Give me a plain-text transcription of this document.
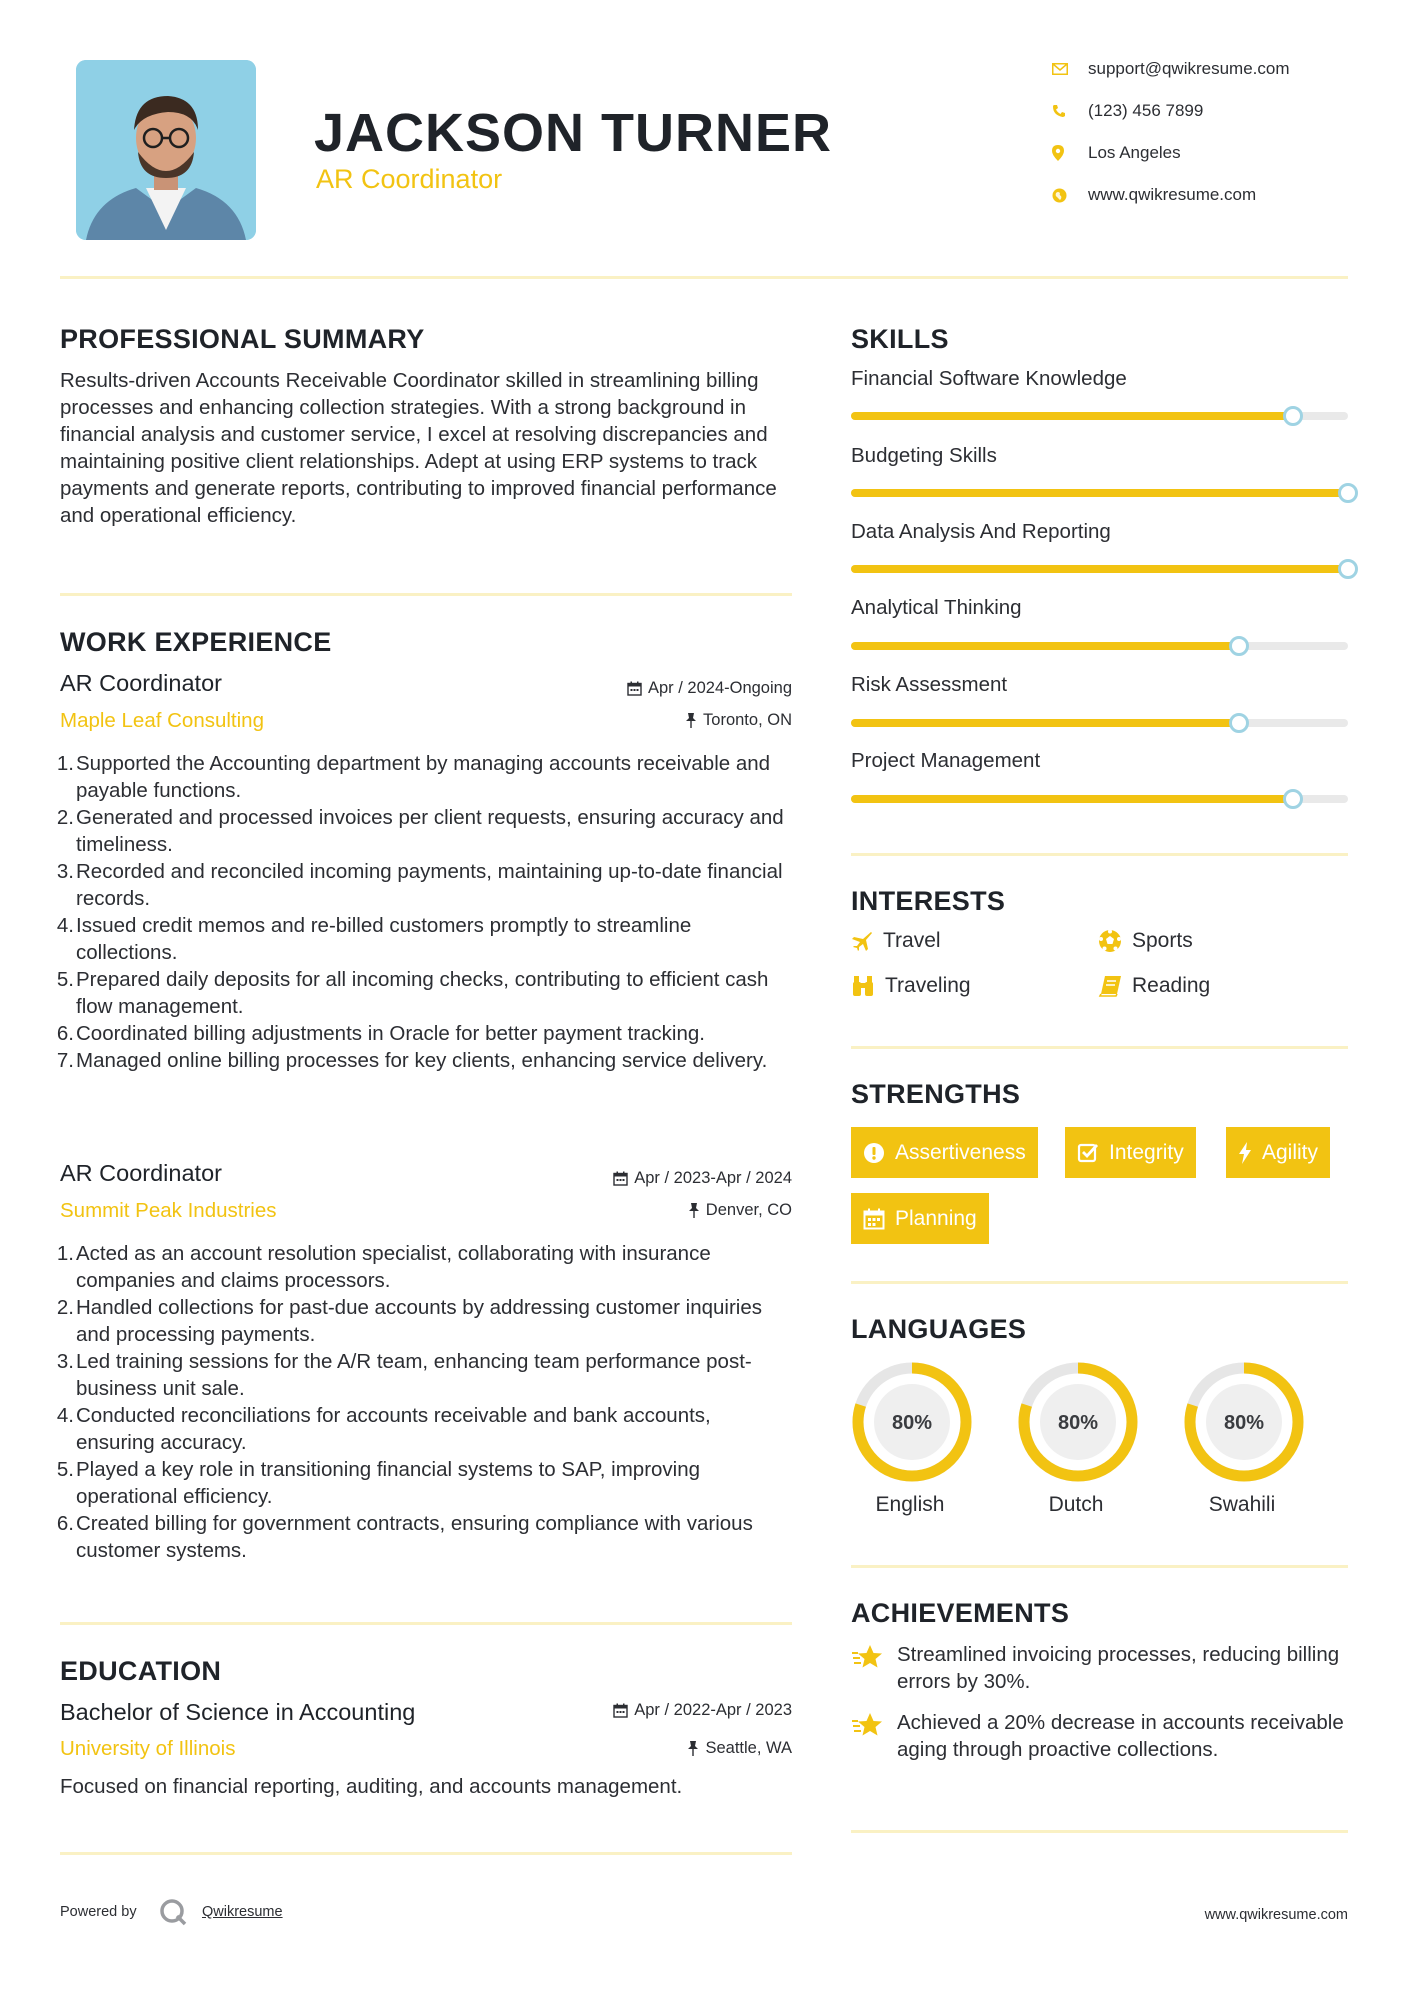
JACKSON TURNER
AR Coordinator
support@qwikresume.com
(123) 456 7899
Los Angeles
www.qwikresume.com
PROFESSIONAL SUMMARY
Results-driven Accounts Receivable Coordinator skilled in streamlining billing processes and enhancing collection strategies. With a strong background in financial analysis and customer service, I excel at resolving discrepancies and maintaining positive client relationships. Adept at using ERP systems to track payments and generate reports, contributing to improved financial performance and operational efficiency.
WORK EXPERIENCE
AR Coordinator	Apr / 2024-Ongoing
Maple Leaf Consulting	Toronto, ON
1. Supported the Accounting department by managing accounts receivable and payable functions.
2. Generated and processed invoices per client requests, ensuring accuracy and timeliness.
3. Recorded and reconciled incoming payments, maintaining up-to-date financial records.
4. Issued credit memos and re-billed customers promptly to streamline collections.
5. Prepared daily deposits for all incoming checks, contributing to efficient cash flow management.
6. Coordinated billing adjustments in Oracle for better payment tracking.
7. Managed online billing processes for key clients, enhancing service delivery.
AR Coordinator	Apr / 2023-Apr / 2024
Summit Peak Industries	Denver, CO
1. Acted as an account resolution specialist, collaborating with insurance companies and claims processors.
2. Handled collections for past-due accounts by addressing customer inquiries and processing payments.
3. Led training sessions for the A/R team, enhancing team performance post-business unit sale.
4. Conducted reconciliations for accounts receivable and bank accounts, ensuring accuracy.
5. Played a key role in transitioning financial systems to SAP, improving operational efficiency.
6. Created billing for government contracts, ensuring compliance with various customer systems.
EDUCATION
Bachelor of Science in Accounting	Apr / 2022-Apr / 2023
University of Illinois	Seattle, WA
Focused on financial reporting, auditing, and accounts management.
SKILLS
Financial Software Knowledge
Budgeting Skills
Data Analysis And Reporting
Analytical Thinking
Risk Assessment
Project Management
INTERESTS
Travel	Sports
Traveling	Reading
STRENGTHS
Assertiveness	Integrity	Agility
Planning
LANGUAGES
80%
English
80%
Dutch
80%
Swahili
ACHIEVEMENTS
Streamlined invoicing processes, reducing billing errors by 30%.
Achieved a 20% decrease in accounts receivable aging through proactive collections.
Powered by	Qwikresume	www.qwikresume.com
